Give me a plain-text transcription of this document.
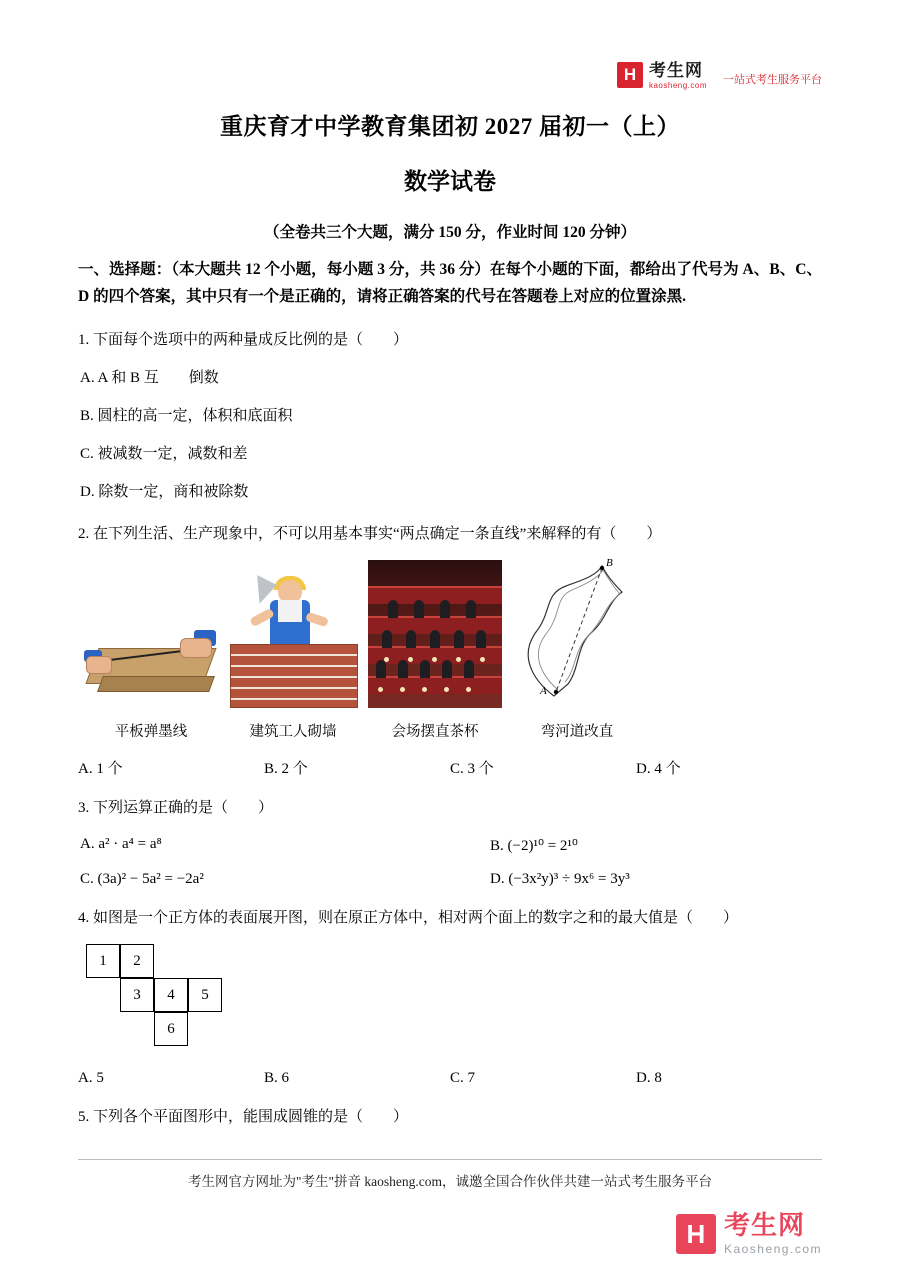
H 考生网
kaosheng.com 一站式考生服务平台
重庆育才中学教育集团初 2027 届初一（上）
数学试卷

（全卷共三个大题，满分 150 分，作业时间 120 分钟）

一、选择题：（本大题共 12 个小题，每小题 3 分，共 36 分）在每个小题的下面，都给出了代号为 A、B、C、D 的四个答案，其中只有一个是正确的，请将正确答案的代号在答题卷上对应的位置涂黑.

1. 下面每个选项中的两种量成反比例的是（　　）
A. A 和 B 互　　倒数
B. 圆柱的高一定，体积和底面积
C. 被减数一定，减数和差
D. 除数一定，商和被除数
2. 在下列生活、生产现象中，不可以用基本事实“两点确定一条直线”来解释的有（　　）
平板弹墨线	建筑工人砌墙	会场摆直茶杯
B
A
弯河道改直
A. 1 个	B. 2 个	C. 3 个	D. 4 个
3. 下列运算正确的是（　　）
A. a² · a⁴ = a⁸	B. (−2)¹⁰ = 2¹⁰
C. (3a)² − 5a² = −2a²	D. (−3x²y)³ ÷ 9x⁶ = 3y³
4. 如图是一个正方体的表面展开图，则在原正方体中，相对两个面上的数字之和的最大值是（　　）
1	2
3	4	5
6
A. 5	B. 6	C. 7	D. 8
5. 下列各个平面图形中，能围成圆锥的是（　　）
考生网官方网址为"考生"拼音 kaosheng.com，诚邀全国合作伙伴共建一站式考生服务平台
H 考生网
Kaosheng.com
